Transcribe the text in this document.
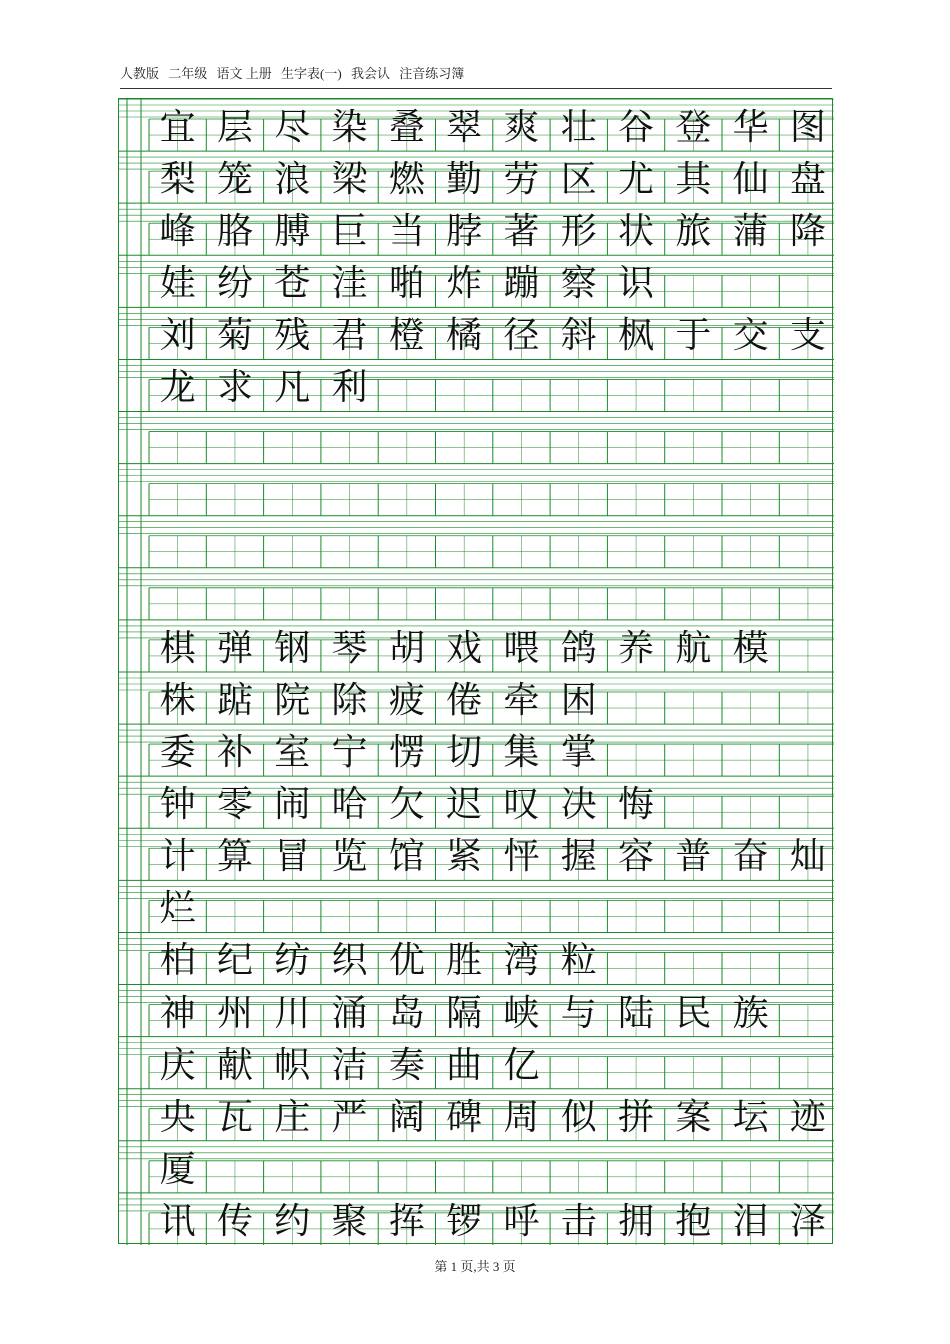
人教版 二年级 语文 上册 生字表(一) 我会认 注音练习簿
宜 层 尽 染 叠 翠 爽 壮 谷 登 华 图
梨 笼 浪 梁 燃 勤 劳 区 尤 其 仙 盘
峰 胳 膊 巨 当 脖 著 形 状 旅 蒲 降
娃 纷 苍 洼 啪 炸 蹦 察 识
刘 菊 残 君 橙 橘 径 斜 枫 于 交 支
龙 求 凡 利
棋 弹 钢 琴 胡 戏 喂 鸽 养 航 模
株 踮 院 除 疲 倦 牵 困
委 补 室 宁 愣 切 集 掌
钟 零 闹 哈 欠 迟 叹 决 悔
计 算 冒 览 馆 紧 怦 握 容 普 奋 灿
烂
柏 纪 纺 织 优 胜 湾 粒
神 州 川 涌 岛 隔 峡 与 陆 民 族
庆 献 帜 洁 奏 曲 亿
央 瓦 庄 严 阔 碑 周 似 拼 案 坛 迹
厦
讯 传 约 聚 挥 锣 呼 击 拥 抱 泪 泽
第 1 页,共 3 页
